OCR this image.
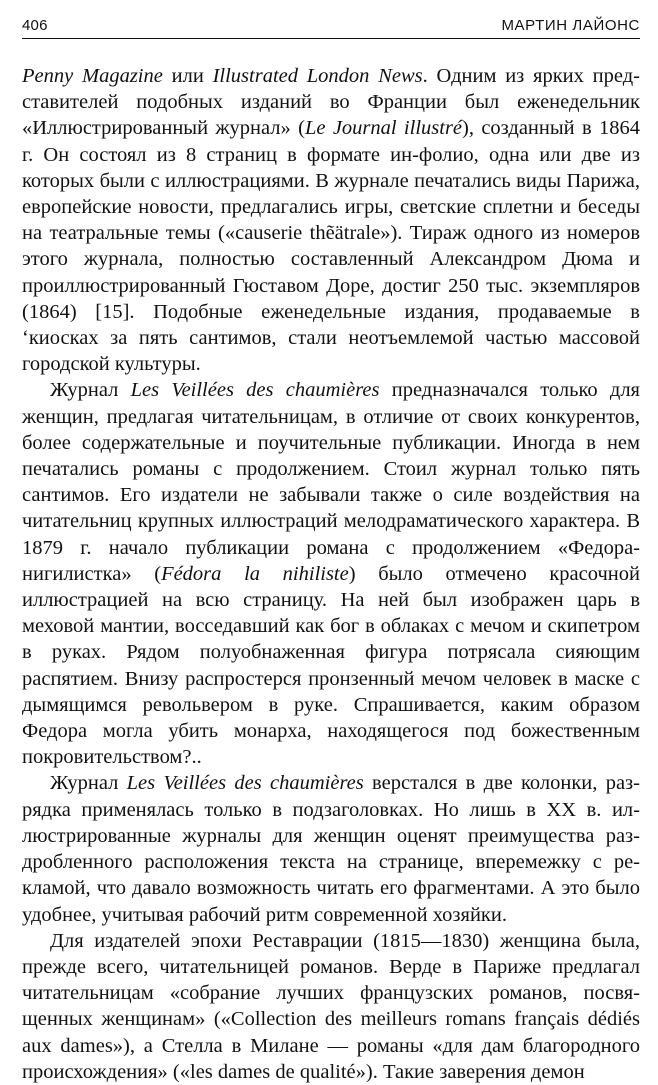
406	МАРТИН ЛАЙОНС

Penny Magazine или Illustrated London News. Одним из ярких представителей подобных изданий во Франции был еженедельник «Иллюстрированный журнал» (Le Journal illustré), созданный в 1864 г. Он состоял из 8 страниц в формате ин-фолио, одна или две из которых были с иллюстрациями. В журнале печатались виды Парижа, европейские новости, предлагались игры, светские сплетни и беседы на театральные темы («causerie thẽätrale»). Тираж одного из номеров этого журнала, полностью составленный Александром Дюма и проиллюстрированный Гюставом Доре, достиг 250 тыс. экземпляров (1864) [15]. Подобные еженедельные издания, продаваемые в ‘киосках за пять сантимов, стали неотъемлемой частью массовой городской культуры.

Журнал Les Veillées des chaumières предназначался только для женщин, предлагая читательницам, в отличие от своих конкурентов, более содержательные и поучительные публикации. Иногда в нем печатались романы с продолжением. Стоил журнал только пять сантимов. Его издатели не забывали также о силе воздействия на читательниц крупных иллюстраций мелодраматического характера. В 1879 г. начало публикации романа с продолжением «Федора-нигилистка» (Fédora la nihiliste) было отмечено красочной иллюстрацией на всю страницу. На ней был изображен царь в меховой мантии, восседавший как бог в облаках с мечом и скипетром в руках. Рядом полуобнаженная фигура потрясала сияющим распятием. Внизу распростерся пронзенный мечом человек в маске с дымящимся револьвером в руке. Спрашивается, каким образом Федора могла убить монарха, находящегося под божественным покровительством?..

Журнал Les Veillées des chaumières верстался в две колонки, разрядка применялась только в подзаголовках. Но лишь в XX в. иллюстрированные журналы для женщин оценят преимущества раздробленного расположения текста на странице, вперемежку с рекламой, что давало возможность читать его фрагментами. А это было удобнее, учитывая рабочий ритм современной хозяйки.

Для издателей эпохи Реставрации (1815—1830) женщина была, прежде всего, читательницей романов. Верде в Париже предлагал читательницам «собрание лучших французских романов, посвященных женщинам» («Collection des meilleurs romans français dédiés aux dames»), а Стелла в Милане — романы «для дам благородного происхождения» («les dames de qualité»). Такие заверения демон
